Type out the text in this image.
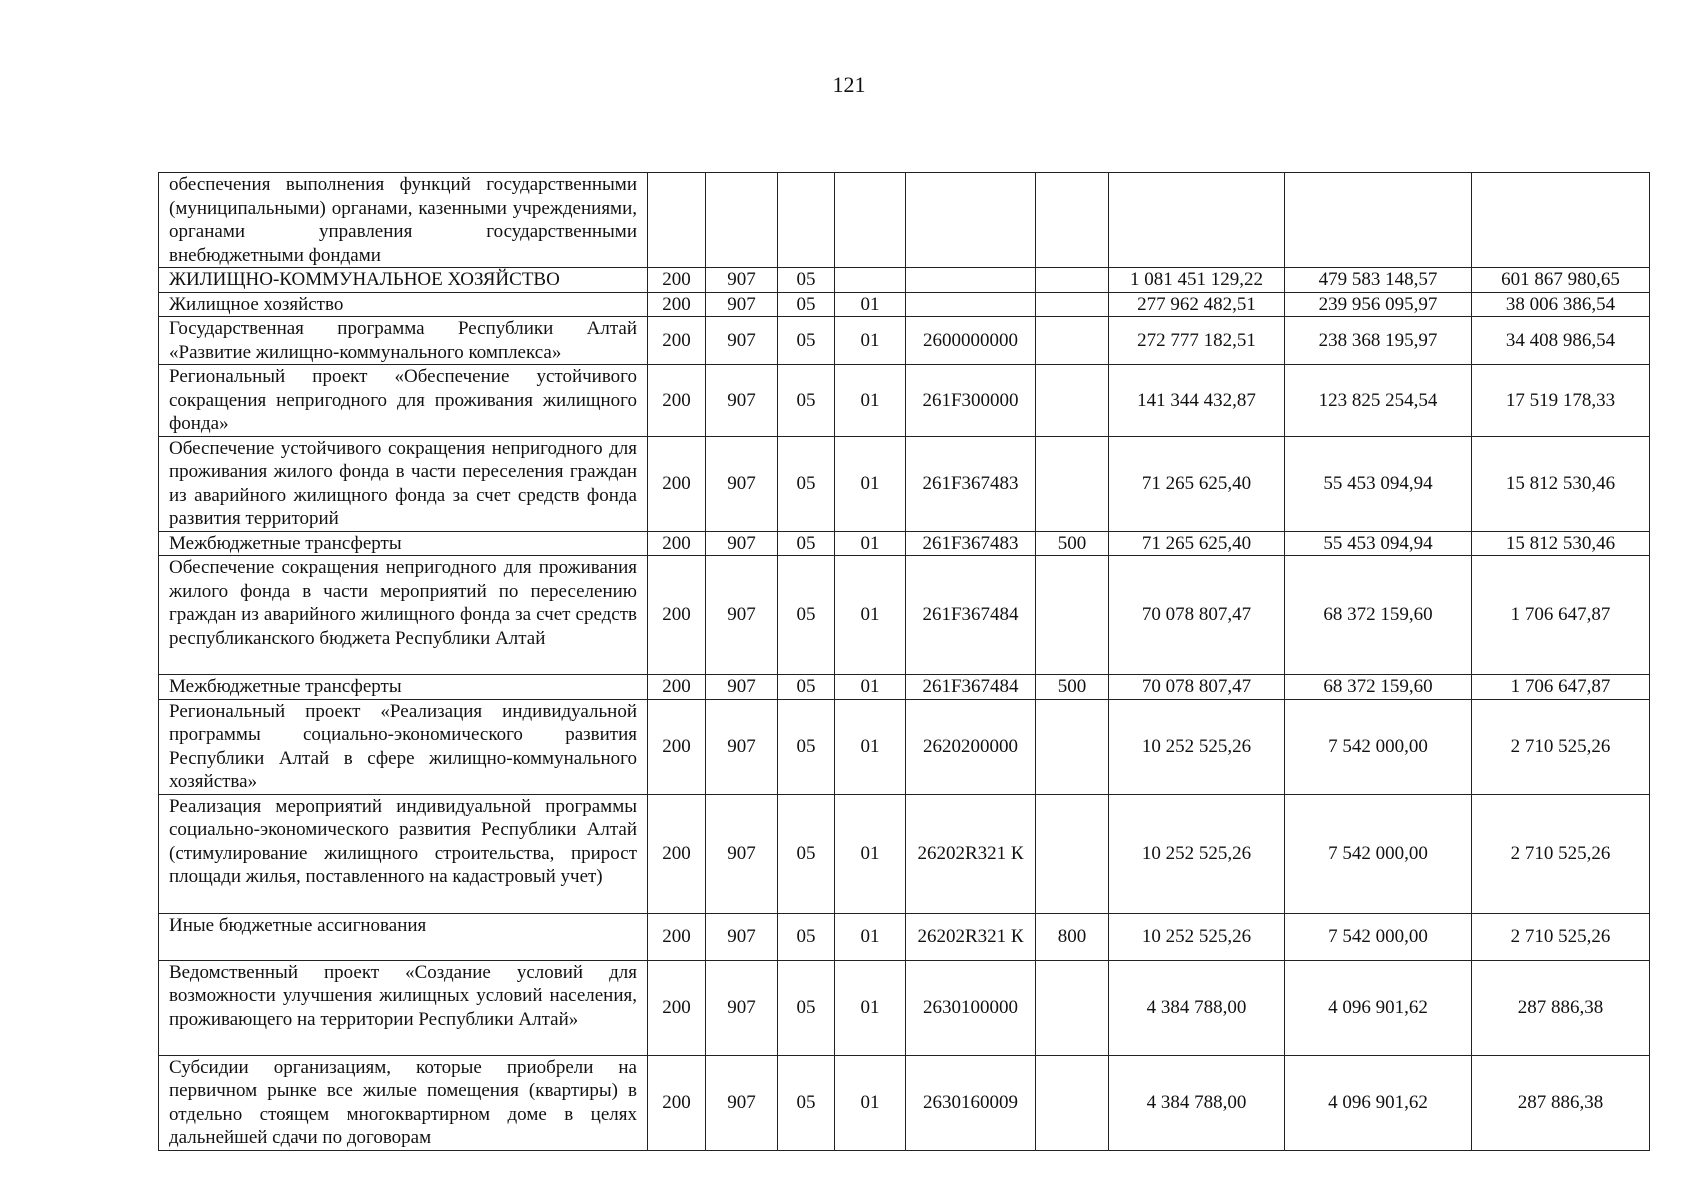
121
обеспечения выполнения функций государственными (муниципальными) органами, казенными учреждениями, органами управления государственными внебюджетными фондами									
ЖИЛИЩНО-КОММУНАЛЬНОЕ ХОЗЯЙСТВО	200	907	05				1 081 451 129,22	479 583 148,57	601 867 980,65
Жилищное хозяйство	200	907	05	01			277 962 482,51	239 956 095,97	38 006 386,54
Государственная программа Республики Алтай «Развитие жилищно-коммунального комплекса»	200	907	05	01	2600000000		272 777 182,51	238 368 195,97	34 408 986,54
Региональный проект «Обеспечение устойчивого сокращения непригодного для проживания жилищного фонда»	200	907	05	01	261F300000		141 344 432,87	123 825 254,54	17 519 178,33
Обеспечение устойчивого сокращения непригодного для проживания жилого фонда в части переселения граждан из аварийного жилищного фонда за счет средств фонда развития территорий	200	907	05	01	261F367483		71 265 625,40	55 453 094,94	15 812 530,46
Межбюджетные трансферты	200	907	05	01	261F367483	500	71 265 625,40	55 453 094,94	15 812 530,46
Обеспечение сокращения непригодного для проживания жилого фонда в части мероприятий по переселению граждан из аварийного жилищного фонда за счет средств республиканского бюджета Республики Алтай	200	907	05	01	261F367484		70 078 807,47	68 372 159,60	1 706 647,87
Межбюджетные трансферты	200	907	05	01	261F367484	500	70 078 807,47	68 372 159,60	1 706 647,87
Региональный проект «Реализация индивидуальной программы социально-экономического развития Республики Алтай в сфере жилищно-коммунального хозяйства»	200	907	05	01	2620200000		10 252 525,26	7 542 000,00	2 710 525,26
Реализация мероприятий индивидуальной программы социально-экономического развития Республики Алтай (стимулирование жилищного строительства, прирост площади жилья, поставленного на кадастровый учет)	200	907	05	01	26202R321 К		10 252 525,26	7 542 000,00	2 710 525,26
Иные бюджетные ассигнования	200	907	05	01	26202R321 К	800	10 252 525,26	7 542 000,00	2 710 525,26
Ведомственный проект «Создание условий для возможности улучшения жилищных условий населения, проживающего на территории Республики Алтай»	200	907	05	01	2630100000		4 384 788,00	4 096 901,62	287 886,38
Субсидии организациям, которые приобрели на первичном рынке все жилые помещения (квартиры) в отдельно стоящем многоквартирном доме в целях дальнейшей сдачи по договорам	200	907	05	01	2630160009		4 384 788,00	4 096 901,62	287 886,38
